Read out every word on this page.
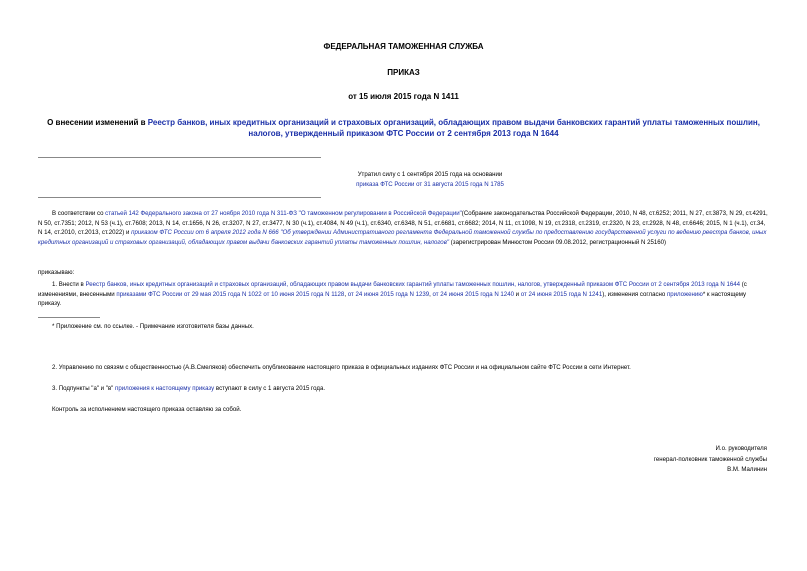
ФЕДЕРАЛЬНАЯ ТАМОЖЕННАЯ СЛУЖБА
ПРИКАЗ
от 15 июля 2015 года N 1411
О внесении изменений в Реестр банков, иных кредитных организаций и страховых организаций, обладающих правом выдачи банковских гарантий уплаты таможенных пошлин, налогов, утвержденный приказом ФТС России от 2 сентября 2013 года N 1644
Утратил силу с 1 сентября 2015 года на основании
приказа ФТС России от 31 августа 2015 года N 1785
В соответствии со статьей 142 Федерального закона от 27 ноября 2010 года N 311-ФЗ "О таможенном регулировании в Российской Федерации"(Собрание законодательства Российской Федерации, 2010, N 48, ст.6252; 2011, N 27, ст.3873, N 29, ст.4291, N 50, ст.7351; 2012, N 53 (ч.1), ст.7608; 2013, N 14, ст.1656, N 26, ст.3207, N 27, ст.3477, N 30 (ч.1), ст.4084, N 49 (ч.1), ст.6340, ст.6348, N 51, ст.6681, ст.6682; 2014, N 11, ст.1098, N 19, ст.2318, ст.2319, ст.2320, N 23, ст.2928, N 48, ст.6646; 2015, N 1 (ч.1), ст.34, N 14, ст.2010, ст.2013, ст.2022) и приказом ФТС России от 6 апреля 2012 года N 666 "Об утверждении Административного регламента Федеральной таможенной службы по предоставлению государственной услуги по ведению реестра банков, иных кредитных организаций и страховых организаций, обладающих правом выдачи банковских гарантий уплаты таможенных пошлин, налогов" (зарегистрирован Минюстом России 09.08.2012, регистрационный N 25160)
приказываю:
1. Внести в Реестр банков, иных кредитных организаций и страховых организаций, обладающих правом выдачи банковских гарантий уплаты таможенных пошлин, налогов, утвержденный приказом ФТС России от 2 сентября 2013 года N 1644 (с изменениями, внесенными приказами ФТС России от 29 мая 2015 года N 1022 от 10 июня 2015 года N 1128, от 24 июня 2015 года N 1239, от 24 июня 2015 года N 1240 и от 24 июня 2015 года N 1241), изменения согласно приложению* к настоящему приказу.
* Приложение см. по ссылке. - Примечание изготовителя базы данных.
2. Управлению по связям с общественностью (А.В.Смеляков) обеспечить опубликование настоящего приказа в официальных изданиях ФТС России и на официальном сайте ФТС России в сети Интернет.
3. Подпункты "а" и "в" приложения к настоящему приказу вступают в силу с 1 августа 2015 года.
Контроль за исполнением настоящего приказа оставляю за собой.
И.о. руководителя
генерал-полковник таможенной службы
В.М. Малинин
